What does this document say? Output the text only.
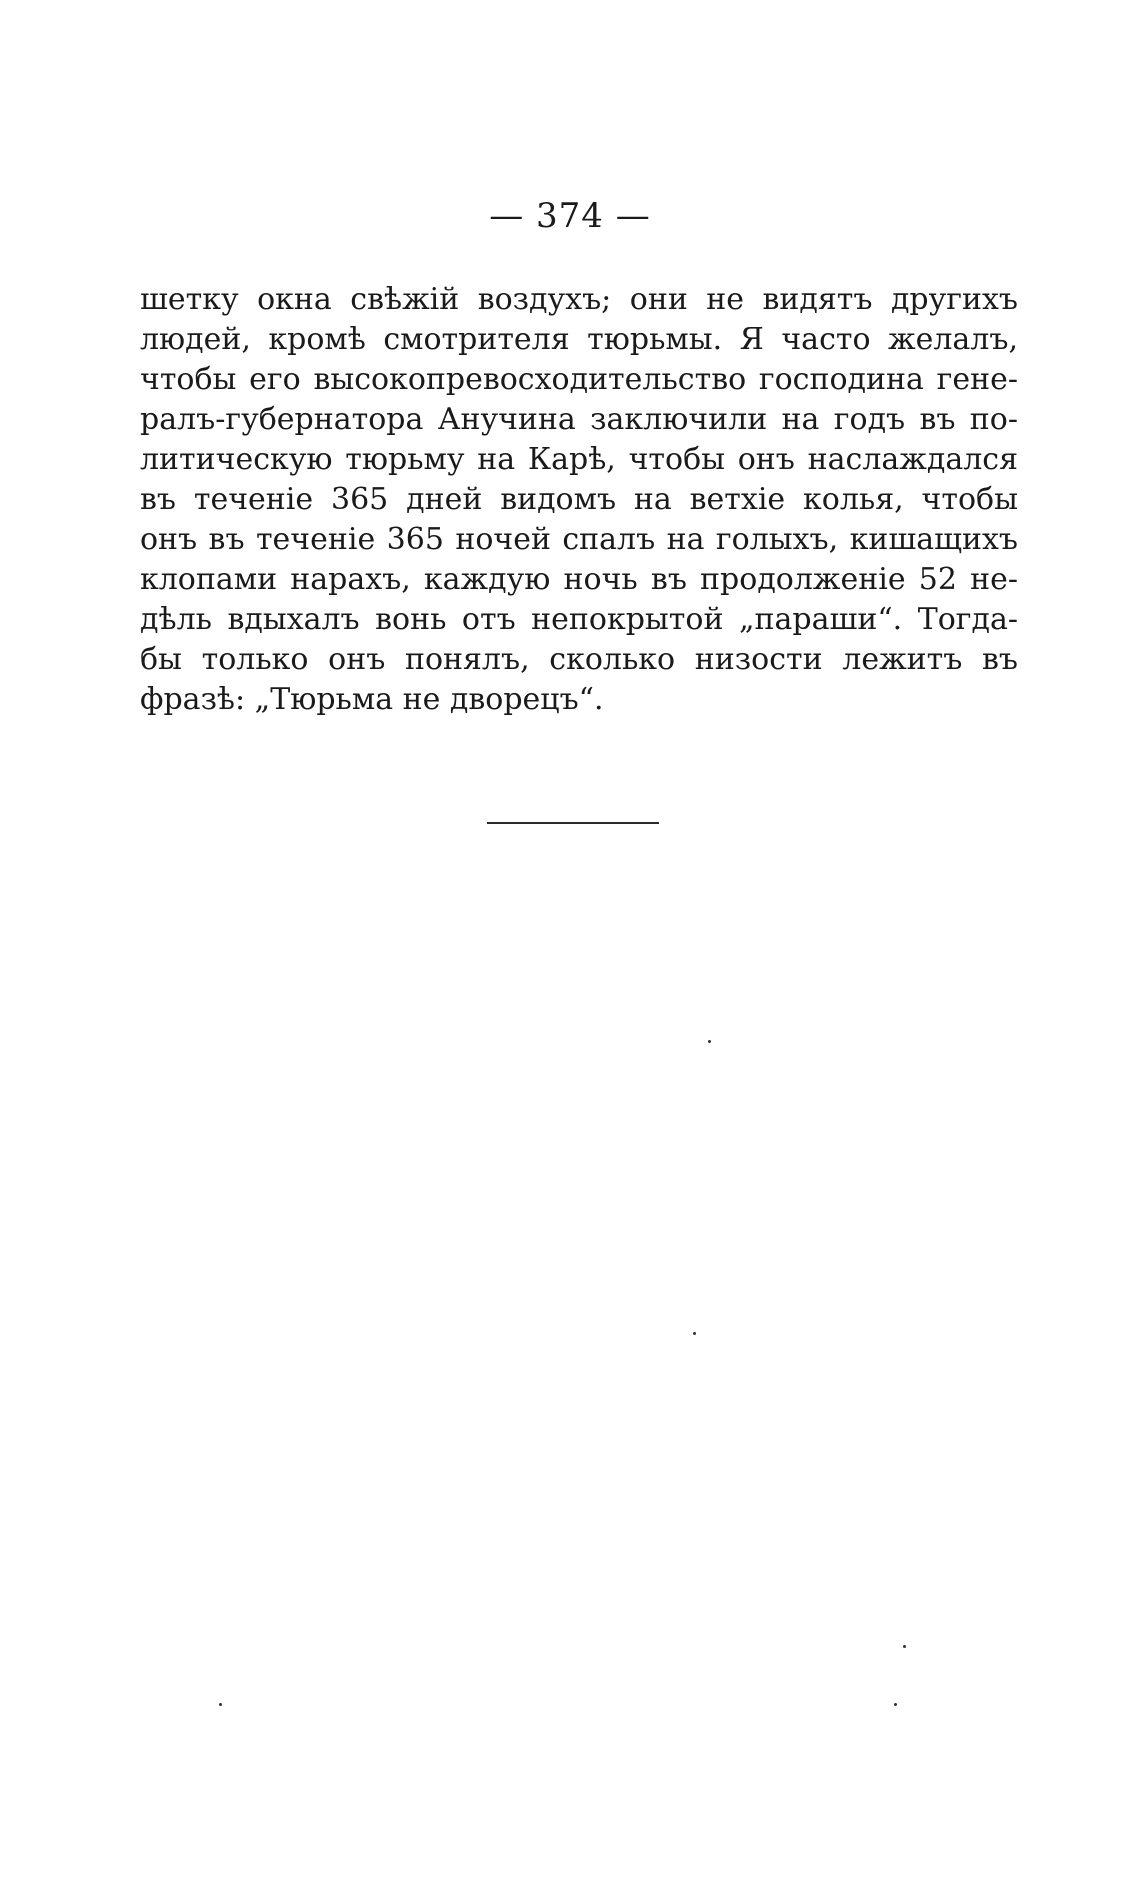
— 374 —
шетку окна свѣжій воздухъ; они не видятъ другихъ
людей, кромѣ смотрителя тюрьмы. Я часто желалъ,
чтобы его высокопревосходительство господина гене-
ралъ-губернатора Анучина заключили на годъ въ по-
литическую тюрьму на Карѣ, чтобы онъ наслаждался
въ теченіе 365 дней видомъ на ветхіе колья, чтобы
онъ въ теченіе 365 ночей спалъ на голыхъ, кишащихъ
клопами нарахъ, каждую ночь въ продолженіе 52 не-
дѣль вдыхалъ вонь отъ непокрытой „параши“. Тогда-
бы только онъ понялъ, сколько низости лежитъ въ
фразѣ: „Тюрьма не дворецъ“.
